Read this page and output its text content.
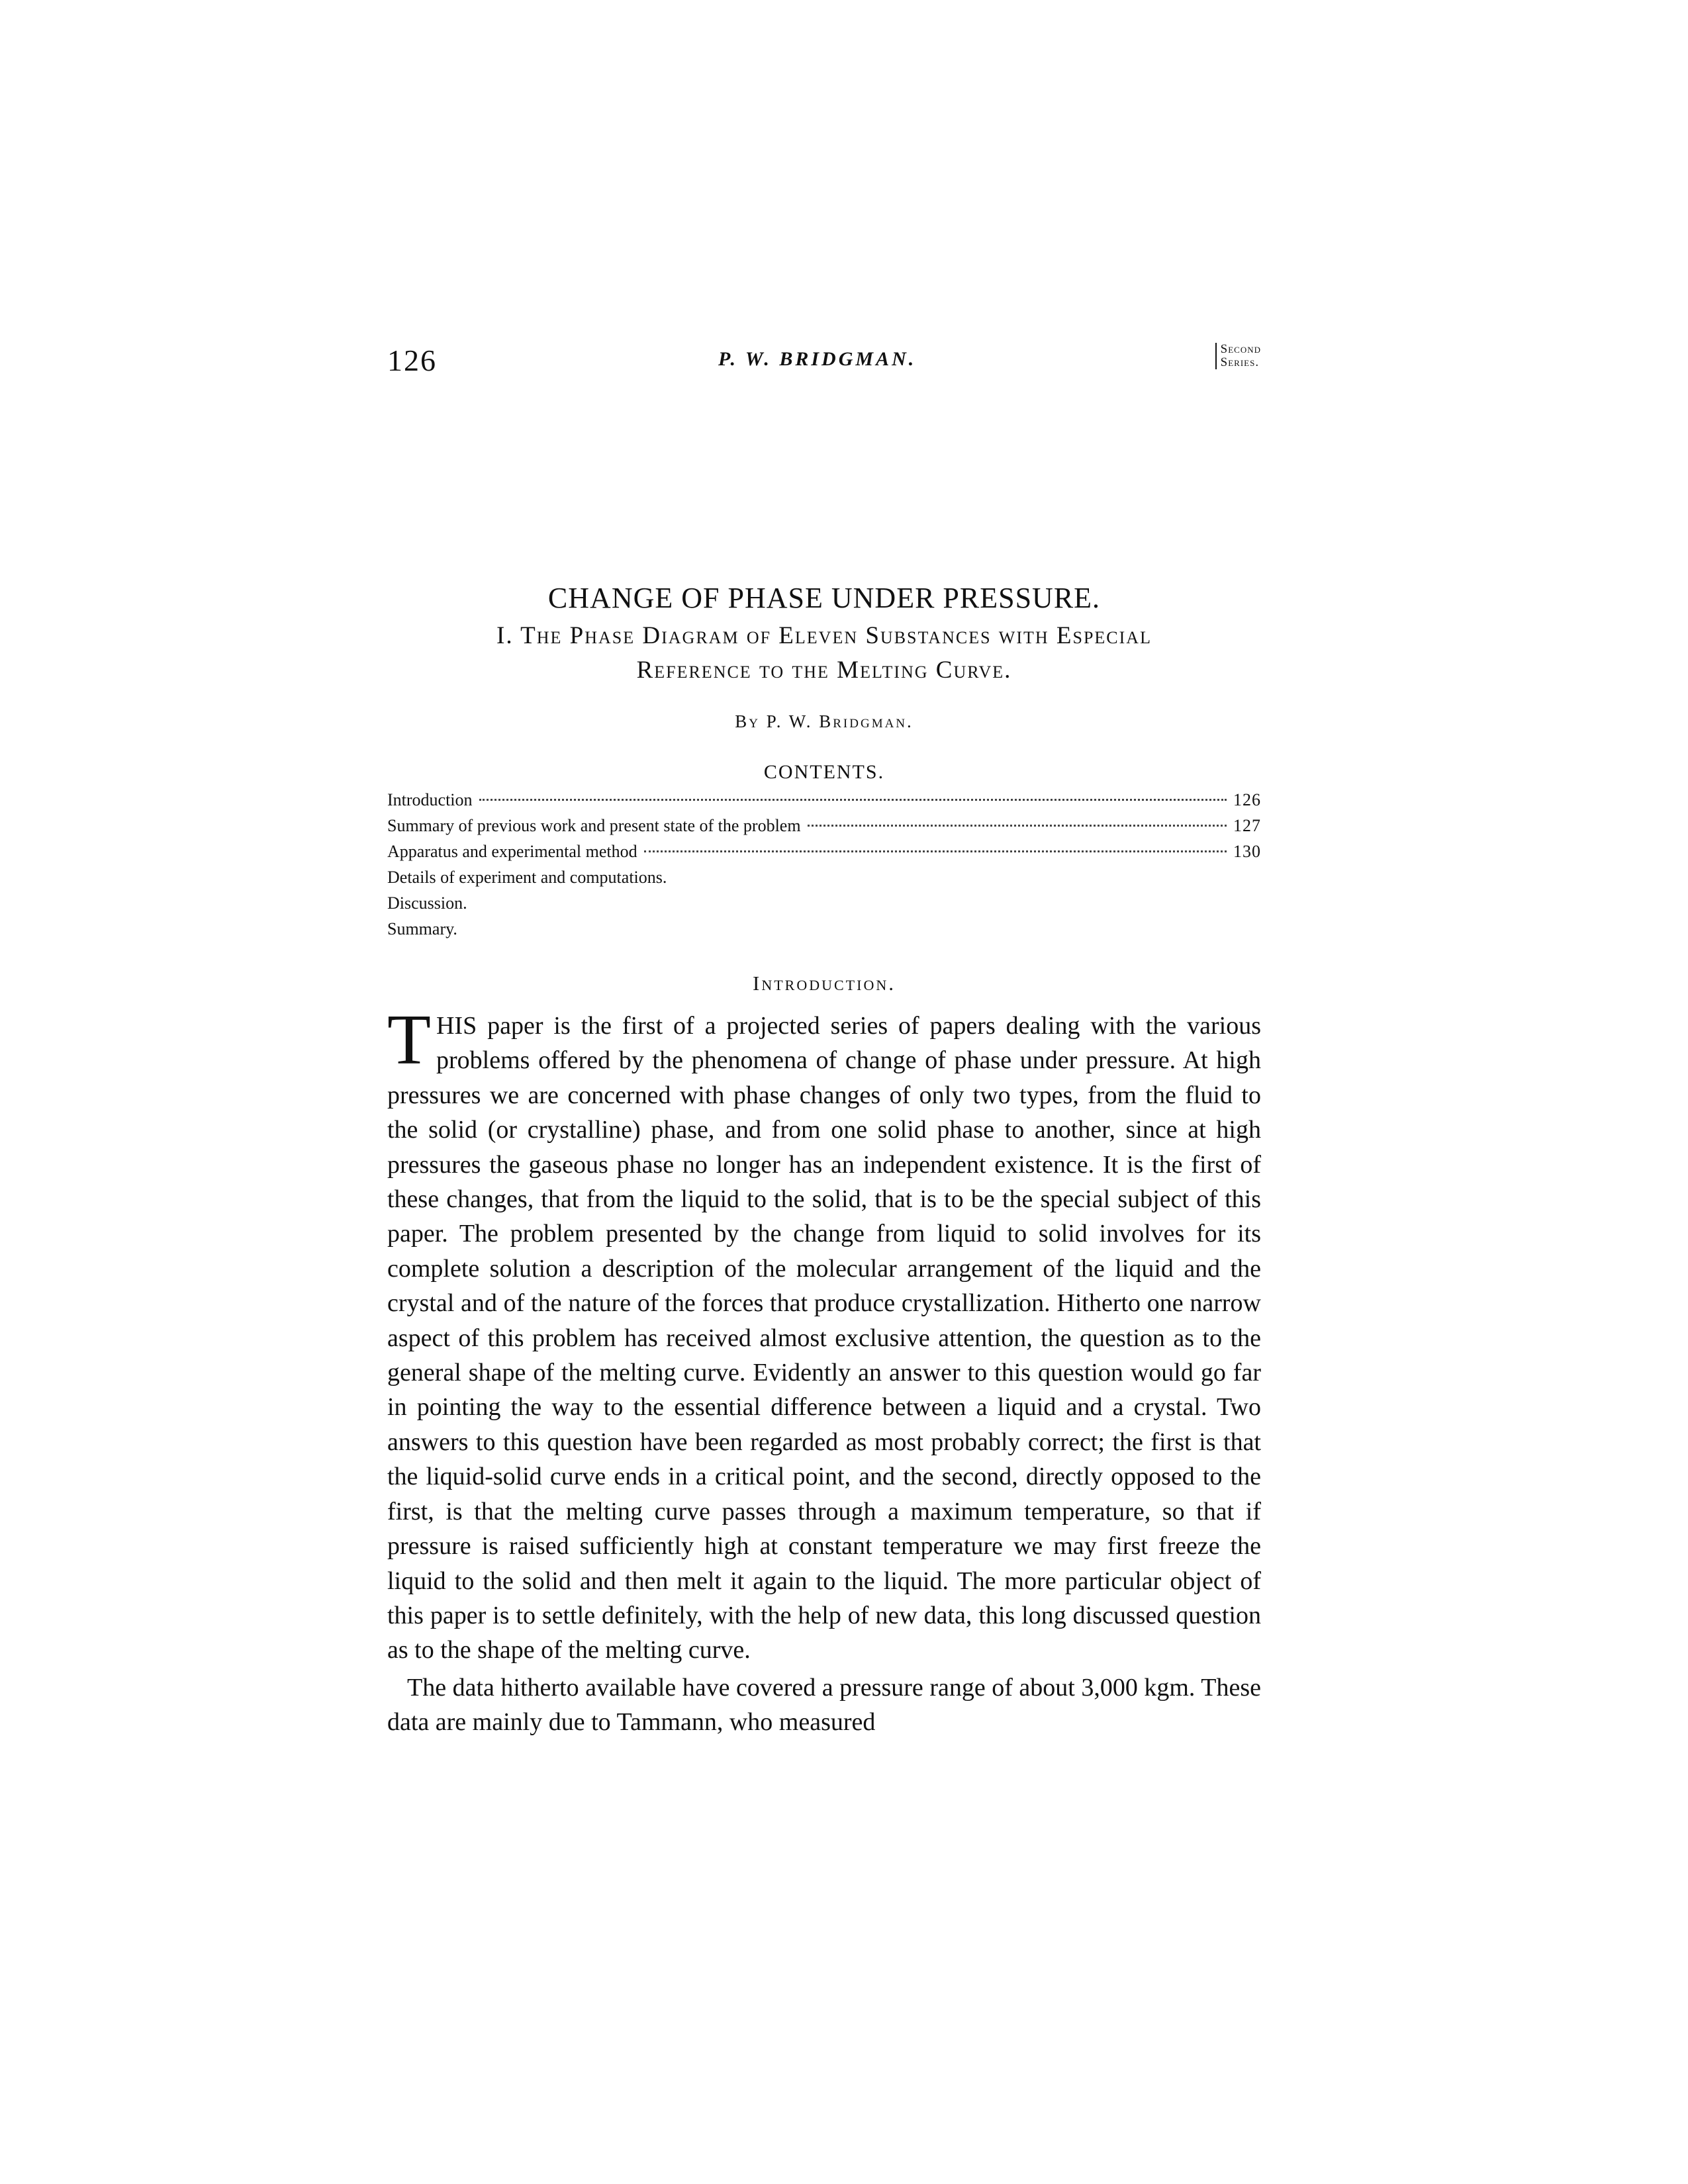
126	P. W. BRIDGMAN.	Second
Series.
CHANGE OF PHASE UNDER PRESSURE.
I. The Phase Diagram of Eleven Substances with Especial
Reference to the Melting Curve.
By P. W. Bridgman.
CONTENTS.
Introduction	126
Summary of previous work and present state of the problem	127
Apparatus and experimental method	130
Details of experiment and computations.
Discussion.
Summary.
Introduction.

THIS paper is the first of a projected series of papers dealing with the various problems offered by the phenomena of change of phase under pressure. At high pressures we are concerned with phase changes of only two types, from the fluid to the solid (or crystalline) phase, and from one solid phase to another, since at high pressures the gaseous phase no longer has an independent existence. It is the first of these changes, that from the liquid to the solid, that is to be the special subject of this paper. The problem presented by the change from liquid to solid involves for its complete solution a description of the molecular arrangement of the liquid and the crystal and of the nature of the forces that produce crystallization. Hitherto one narrow aspect of this problem has received almost exclusive attention, the question as to the general shape of the melting curve. Evidently an answer to this question would go far in pointing the way to the essential difference between a liquid and a crystal. Two answers to this question have been regarded as most probably correct; the first is that the liquid-solid curve ends in a critical point, and the second, directly opposed to the first, is that the melting curve passes through a maximum temperature, so that if pressure is raised sufficiently high at constant temperature we may first freeze the liquid to the solid and then melt it again to the liquid. The more particular object of this paper is to settle definitely, with the help of new data, this long discussed question as to the shape of the melting curve.

The data hitherto available have covered a pressure range of about 3,000 kgm. These data are mainly due to Tammann, who measured
